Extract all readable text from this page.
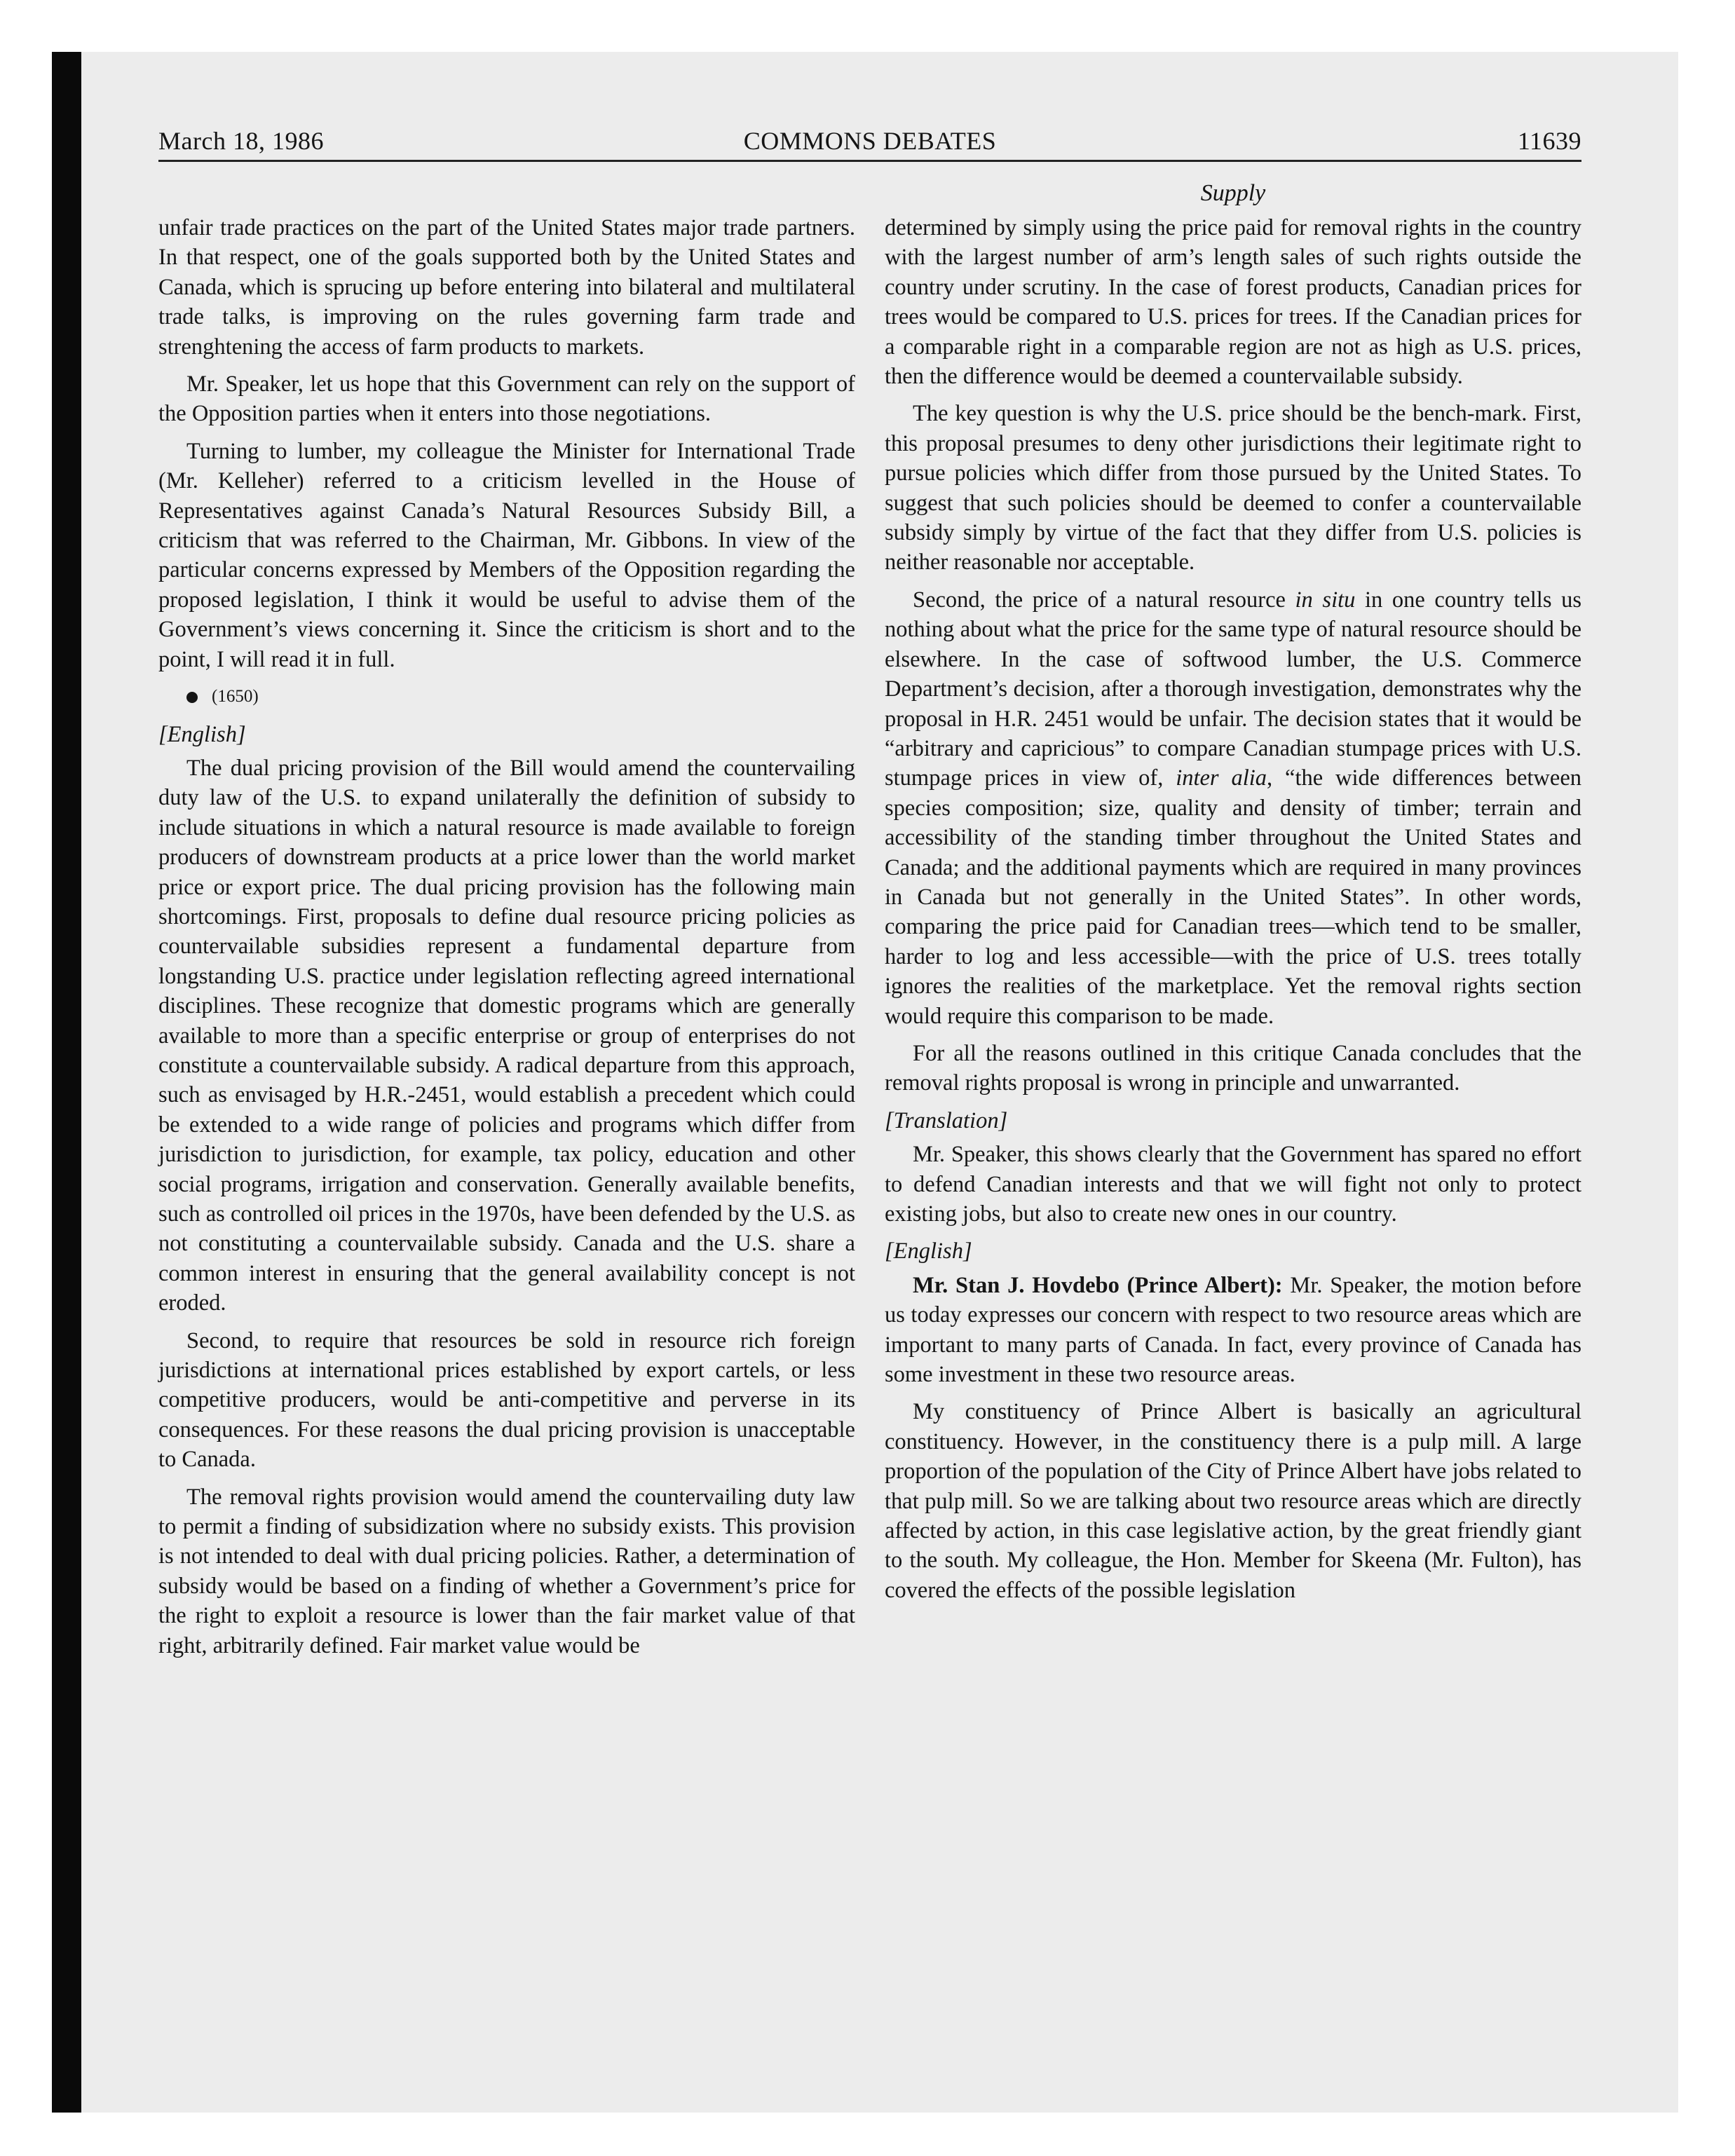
March 18, 1986	COMMONS DEBATES	11639
Supply

unfair trade practices on the part of the United States major trade partners. In that respect, one of the goals supported both by the United States and Canada, which is sprucing up before entering into bilateral and multilateral trade talks, is improving on the rules governing farm trade and strenghtening the access of farm products to markets.

Mr. Speaker, let us hope that this Government can rely on the support of the Opposition parties when it enters into those negotiations.

Turning to lumber, my colleague the Minister for International Trade (Mr. Kelleher) referred to a criticism levelled in the House of Representatives against Canada’s Natural Resources Subsidy Bill, a criticism that was referred to the Chairman, Mr. Gibbons. In view of the particular concerns expressed by Members of the Opposition regarding the proposed legislation, I think it would be useful to advise them of the Government’s views concerning it. Since the criticism is short and to the point, I will read it in full.

(1650)

[English]

The dual pricing provision of the Bill would amend the countervailing duty law of the U.S. to expand unilaterally the definition of subsidy to include situations in which a natural resource is made available to foreign producers of downstream products at a price lower than the world market price or export price. The dual pricing provision has the following main shortcomings. First, proposals to define dual resource pricing policies as countervailable subsidies represent a fundamental departure from longstanding U.S. practice under legislation reflecting agreed international disciplines. These recognize that domestic programs which are generally available to more than a specific enterprise or group of enterprises do not constitute a countervailable subsidy. A radical departure from this approach, such as envisaged by H.R.-2451, would establish a precedent which could be extended to a wide range of policies and programs which differ from jurisdiction to jurisdiction, for example, tax policy, education and other social programs, irrigation and conservation. Generally available benefits, such as controlled oil prices in the 1970s, have been defended by the U.S. as not constituting a countervailable subsidy. Canada and the U.S. share a common interest in ensuring that the general availability concept is not eroded.

Second, to require that resources be sold in resource rich foreign jurisdictions at international prices established by export cartels, or less competitive producers, would be anti-competitive and perverse in its consequences. For these reasons the dual pricing provision is unacceptable to Canada.

The removal rights provision would amend the countervailing duty law to permit a finding of subsidization where no subsidy exists. This provision is not intended to deal with dual pricing policies. Rather, a determination of subsidy would be based on a finding of whether a Government’s price for the right to exploit a resource is lower than the fair market value of that right, arbitrarily defined. Fair market value would be

determined by simply using the price paid for removal rights in the country with the largest number of arm’s length sales of such rights outside the country under scrutiny. In the case of forest products, Canadian prices for trees would be compared to U.S. prices for trees. If the Canadian prices for a comparable right in a comparable region are not as high as U.S. prices, then the difference would be deemed a countervailable subsidy.

The key question is why the U.S. price should be the bench-mark. First, this proposal presumes to deny other jurisdictions their legitimate right to pursue policies which differ from those pursued by the United States. To suggest that such policies should be deemed to confer a countervailable subsidy simply by virtue of the fact that they differ from U.S. policies is neither reasonable nor acceptable.

Second, the price of a natural resource in situ in one country tells us nothing about what the price for the same type of natural resource should be elsewhere. In the case of softwood lumber, the U.S. Commerce Department’s decision, after a thorough investigation, demonstrates why the proposal in H.R. 2451 would be unfair. The decision states that it would be “arbitrary and capricious” to compare Canadian stumpage prices with U.S. stumpage prices in view of, inter alia, “the wide differences between species composition; size, quality and density of timber; terrain and accessibility of the standing timber throughout the United States and Canada; and the additional payments which are required in many provinces in Canada but not generally in the United States”. In other words, comparing the price paid for Canadian trees—which tend to be smaller, harder to log and less accessible—with the price of U.S. trees totally ignores the realities of the marketplace. Yet the removal rights section would require this comparison to be made.

For all the reasons outlined in this critique Canada concludes that the removal rights proposal is wrong in principle and unwarranted.

[Translation]

Mr. Speaker, this shows clearly that the Government has spared no effort to defend Canadian interests and that we will fight not only to protect existing jobs, but also to create new ones in our country.

[English]

Mr. Stan J. Hovdebo (Prince Albert): Mr. Speaker, the motion before us today expresses our concern with respect to two resource areas which are important to many parts of Canada. In fact, every province of Canada has some investment in these two resource areas.

My constituency of Prince Albert is basically an agricultural constituency. However, in the constituency there is a pulp mill. A large proportion of the population of the City of Prince Albert have jobs related to that pulp mill. So we are talking about two resource areas which are directly affected by action, in this case legislative action, by the great friendly giant to the south. My colleague, the Hon. Member for Skeena (Mr. Fulton), has covered the effects of the possible legislation
